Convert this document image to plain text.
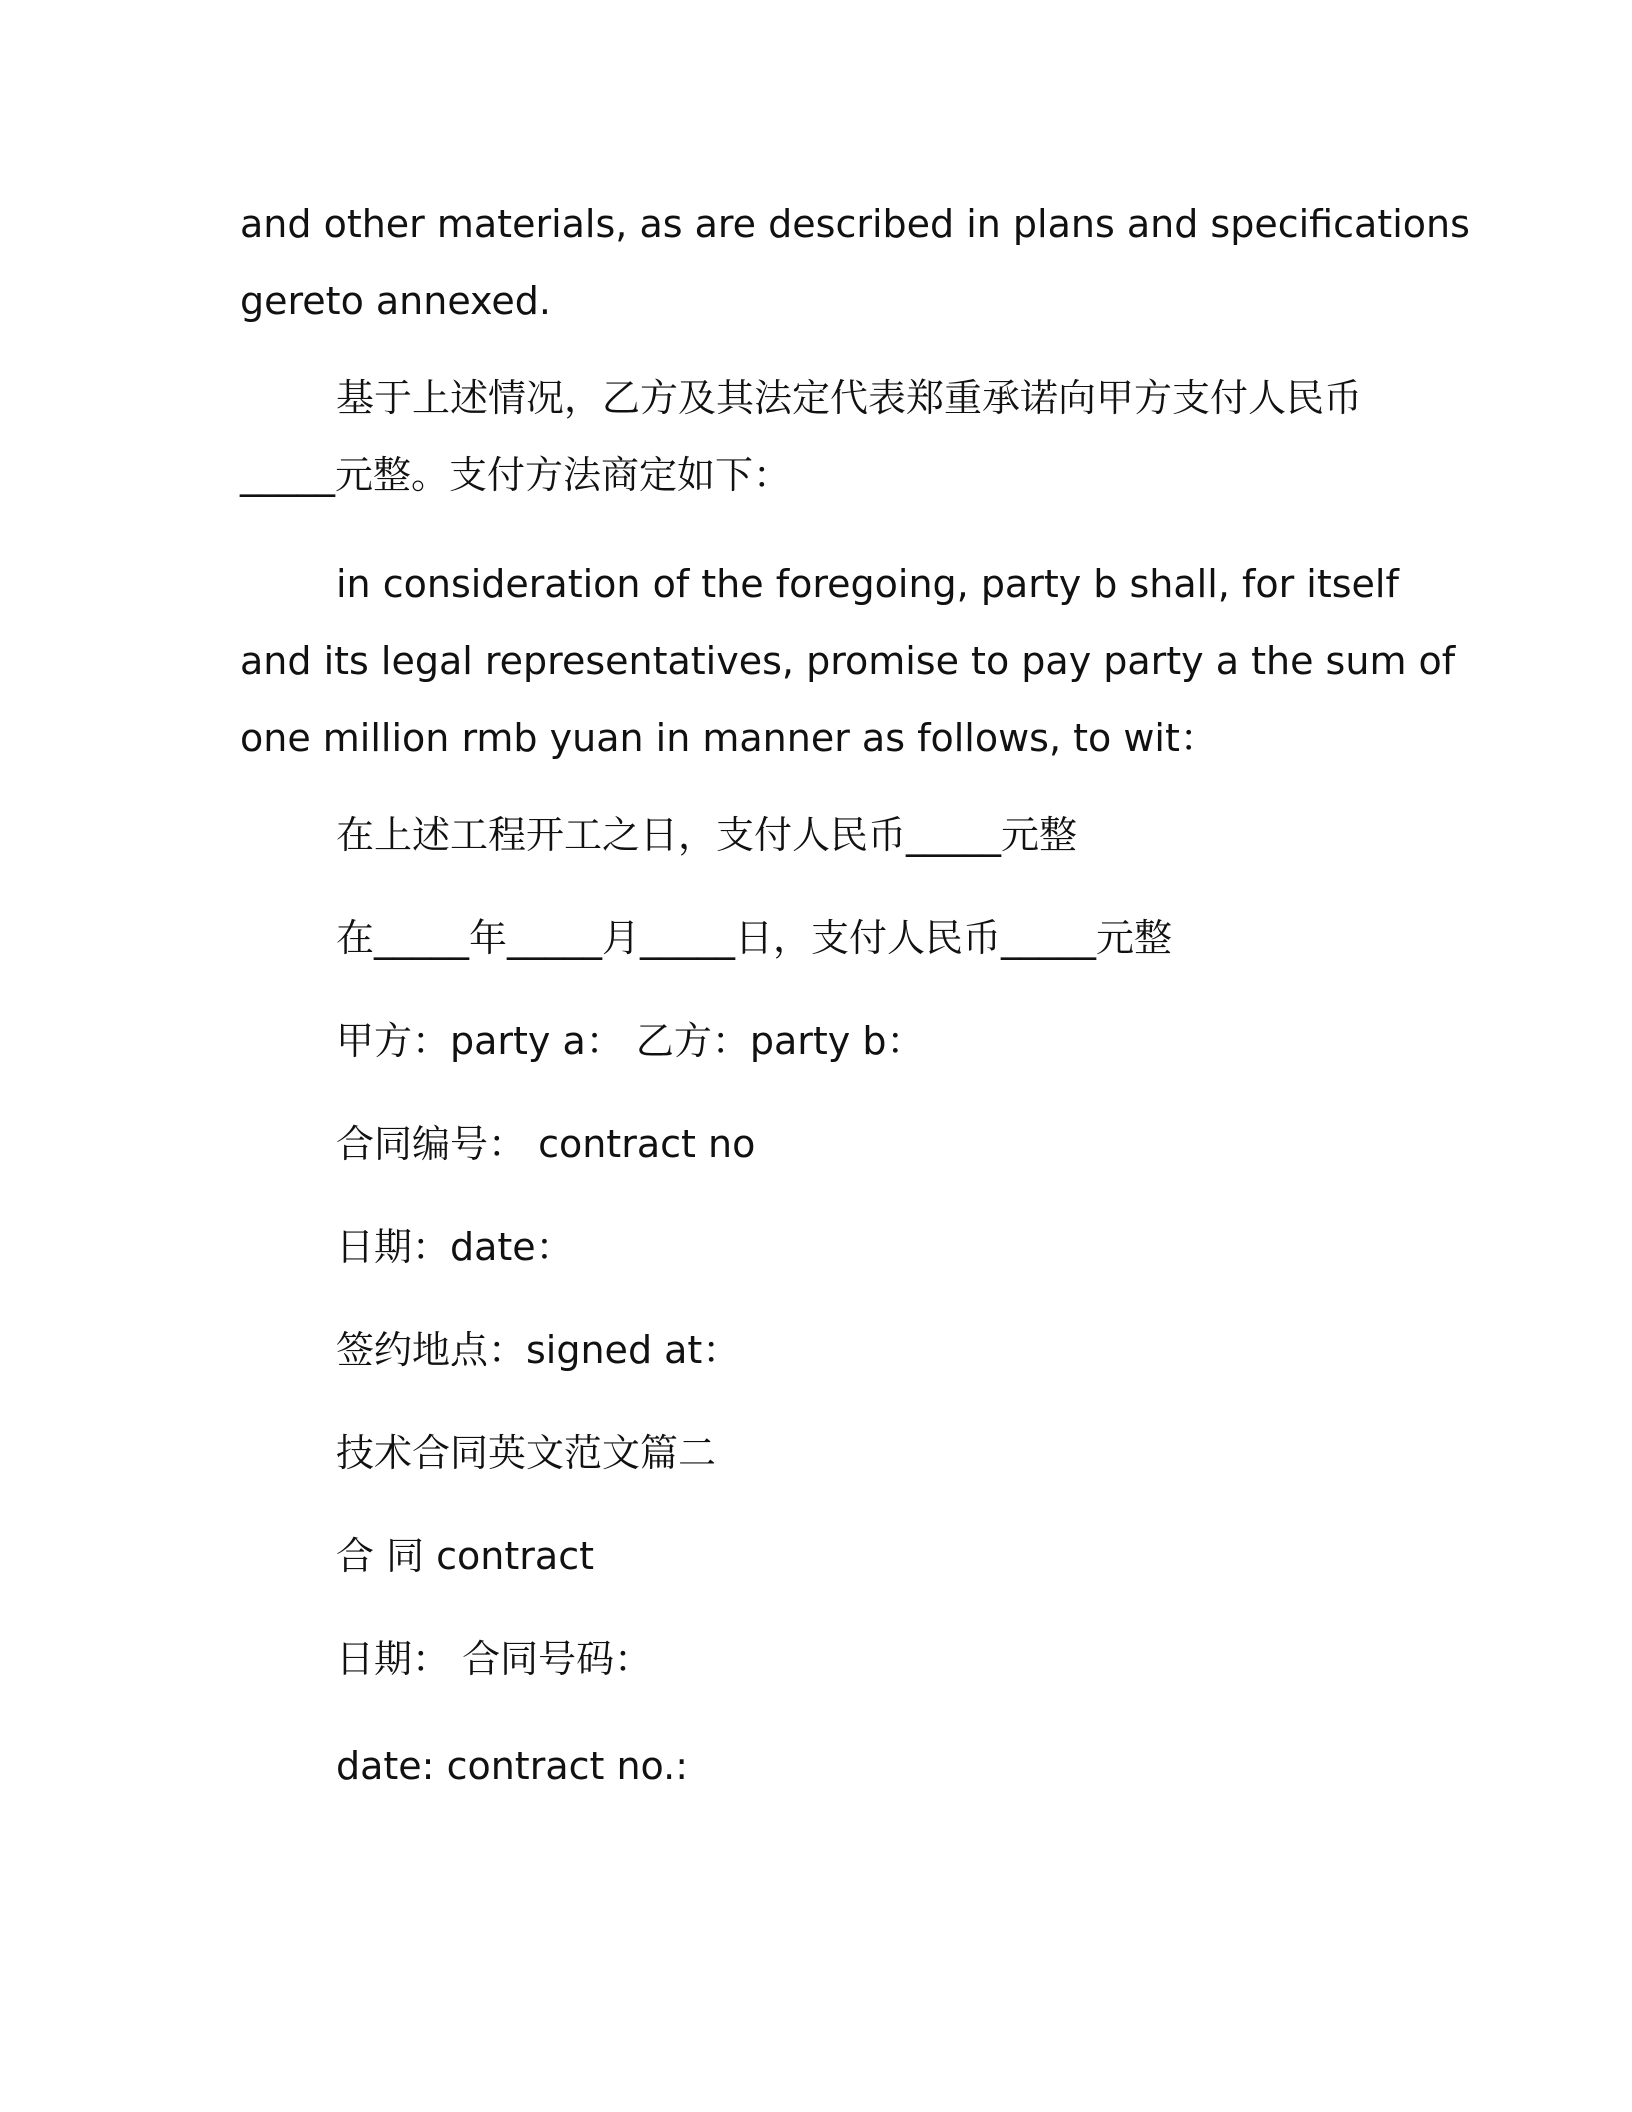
and other materials, as are described in plans and specifications
gereto annexed.
基于上述情况，乙方及其法定代表郑重承诺向甲方支付人民币
_____元整。支付方法商定如下：
in consideration of the foregoing, party b shall, for itself
and its legal representatives, promise to pay party a the sum of
one million rmb yuan in manner as follows, to wit：
在上述工程开工之日，支付人民币_____元整
在_____年_____月_____日，支付人民币_____元整
甲方：party a： 乙方：party b：
合同编号： contract no
日期：date：
签约地点：signed at：
技术合同英文范文篇二
合 同 contract
日期： 合同号码：
date: contract no.:
